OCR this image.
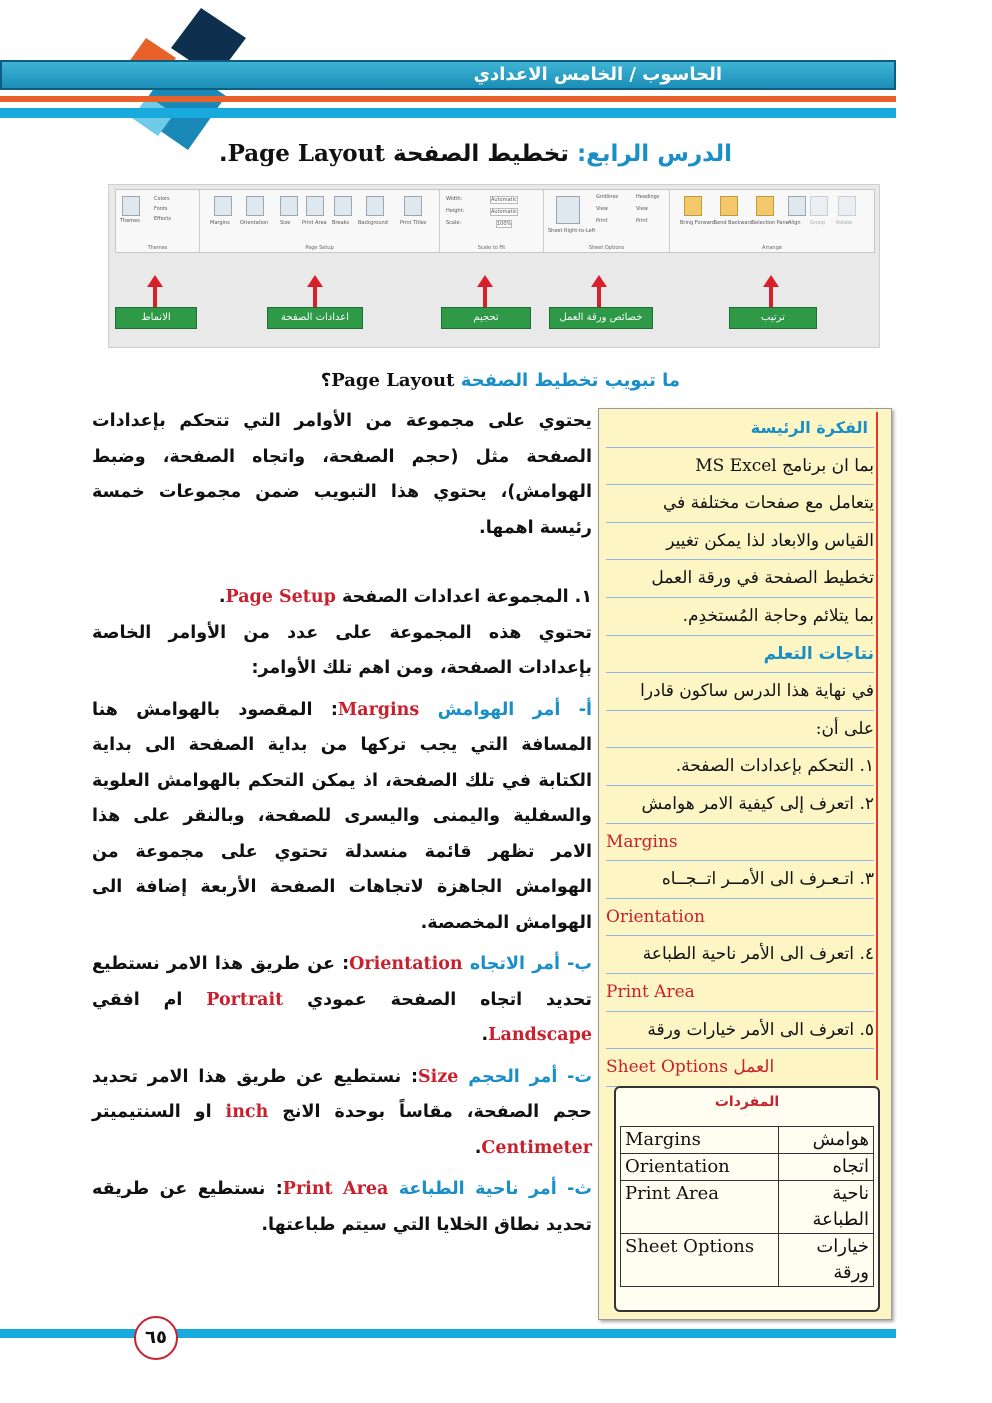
الحاسوب / الخامس الاعدادي
الدرس الرابع: تخطيط الصفحة Page Layout.
Themes
Colors
Fonts
Effects
Themes
Margins Orientation Size Print Area Breaks Background Print Titles
Page Setup
Width:
Height:
Scale:
Automatic
Automatic
100%
Scale to Fit
Sheet Right-to-Left
Gridlines	Headings
View	View
Print	Print
Sheet Options
Bring Forward Send Backward Selection Pane Align Group Rotate
Arrange
الانماط	اعدادات الصفحة	تحجيم	خصائص ورقة العمل	ترتيب
ما تبويب تخطيط الصفحة Page Layout؟

يحتوي على مجموعة من الأوامر التي تتحكم بإعدادات الصفحة مثل (حجم الصفحة، واتجاه الصفحة، وضبط الهوامش)، يحتوي هذا التبويب ضمن مجموعات خمسة رئيسة اهمها.

١. المجموعة اعدادات الصفحة Page Setup.

تحتوي هذه المجموعة على عدد من الأوامر الخاصة بإعدادات الصفحة، ومن اهم تلك الأوامر:

أ- أمر الهوامش Margins: المقصود بالهوامش هنا المسافة التي يجب تركها من بداية الصفحة الى بداية الكتابة في تلك الصفحة، اذ يمكن التحكم بالهوامش العلوية والسفلية واليمنى واليسرى للصفحة، وبالنقر على هذا الامر تظهر قائمة منسدلة تحتوي على مجموعة من الهوامش الجاهزة لاتجاهات الصفحة الأربعة إضافة الى الهوامش المخصصة.

ب- أمر الاتجاه Orientation: عن طريق هذا الامر نستطيع تحديد اتجاه الصفحة عمودي Portrait ام افقي Landscape.

ت- أمر الحجم Size: نستطيع عن طريق هذا الامر تحديد حجم الصفحة، مقاساً بوحدة الانج inch او السنتيميتر Centimeter.

ث- أمر ناحية الطباعة Print Area: نستطيع عن طريقه تحديد نطاق الخلايا التي سيتم طباعتها.

الفكرة الرئيسة
بما ان برنامج MS Excel
يتعامل مع صفحات مختلفة في
القياس والابعاد لذا يمكن تغيير
تخطيط الصفحة في ورقة العمل
بما يتلائم وحاجة المُستخدِم.
نتاجات التعلم
في نهاية هذا الدرس ساكون قادرا
على أن:
١. التحكم بإعدادات الصفحة.
٢. اتعرف إلى كيفية الامر هوامش
Margins
٣. اتـعـرف الى الأمــر اتــجــاه
Orientation
٤. اتعرف الى الأمر ناحية الطباعة
Print Area
٥. اتعرف الى الأمر خيارات ورقة
العمل Sheet Options
المفردات
Margins	هوامش
Orientation	اتجاه
Print Area	ناحية
الطباعة

Sheet Options	خيارات
ورقة
٦٥
